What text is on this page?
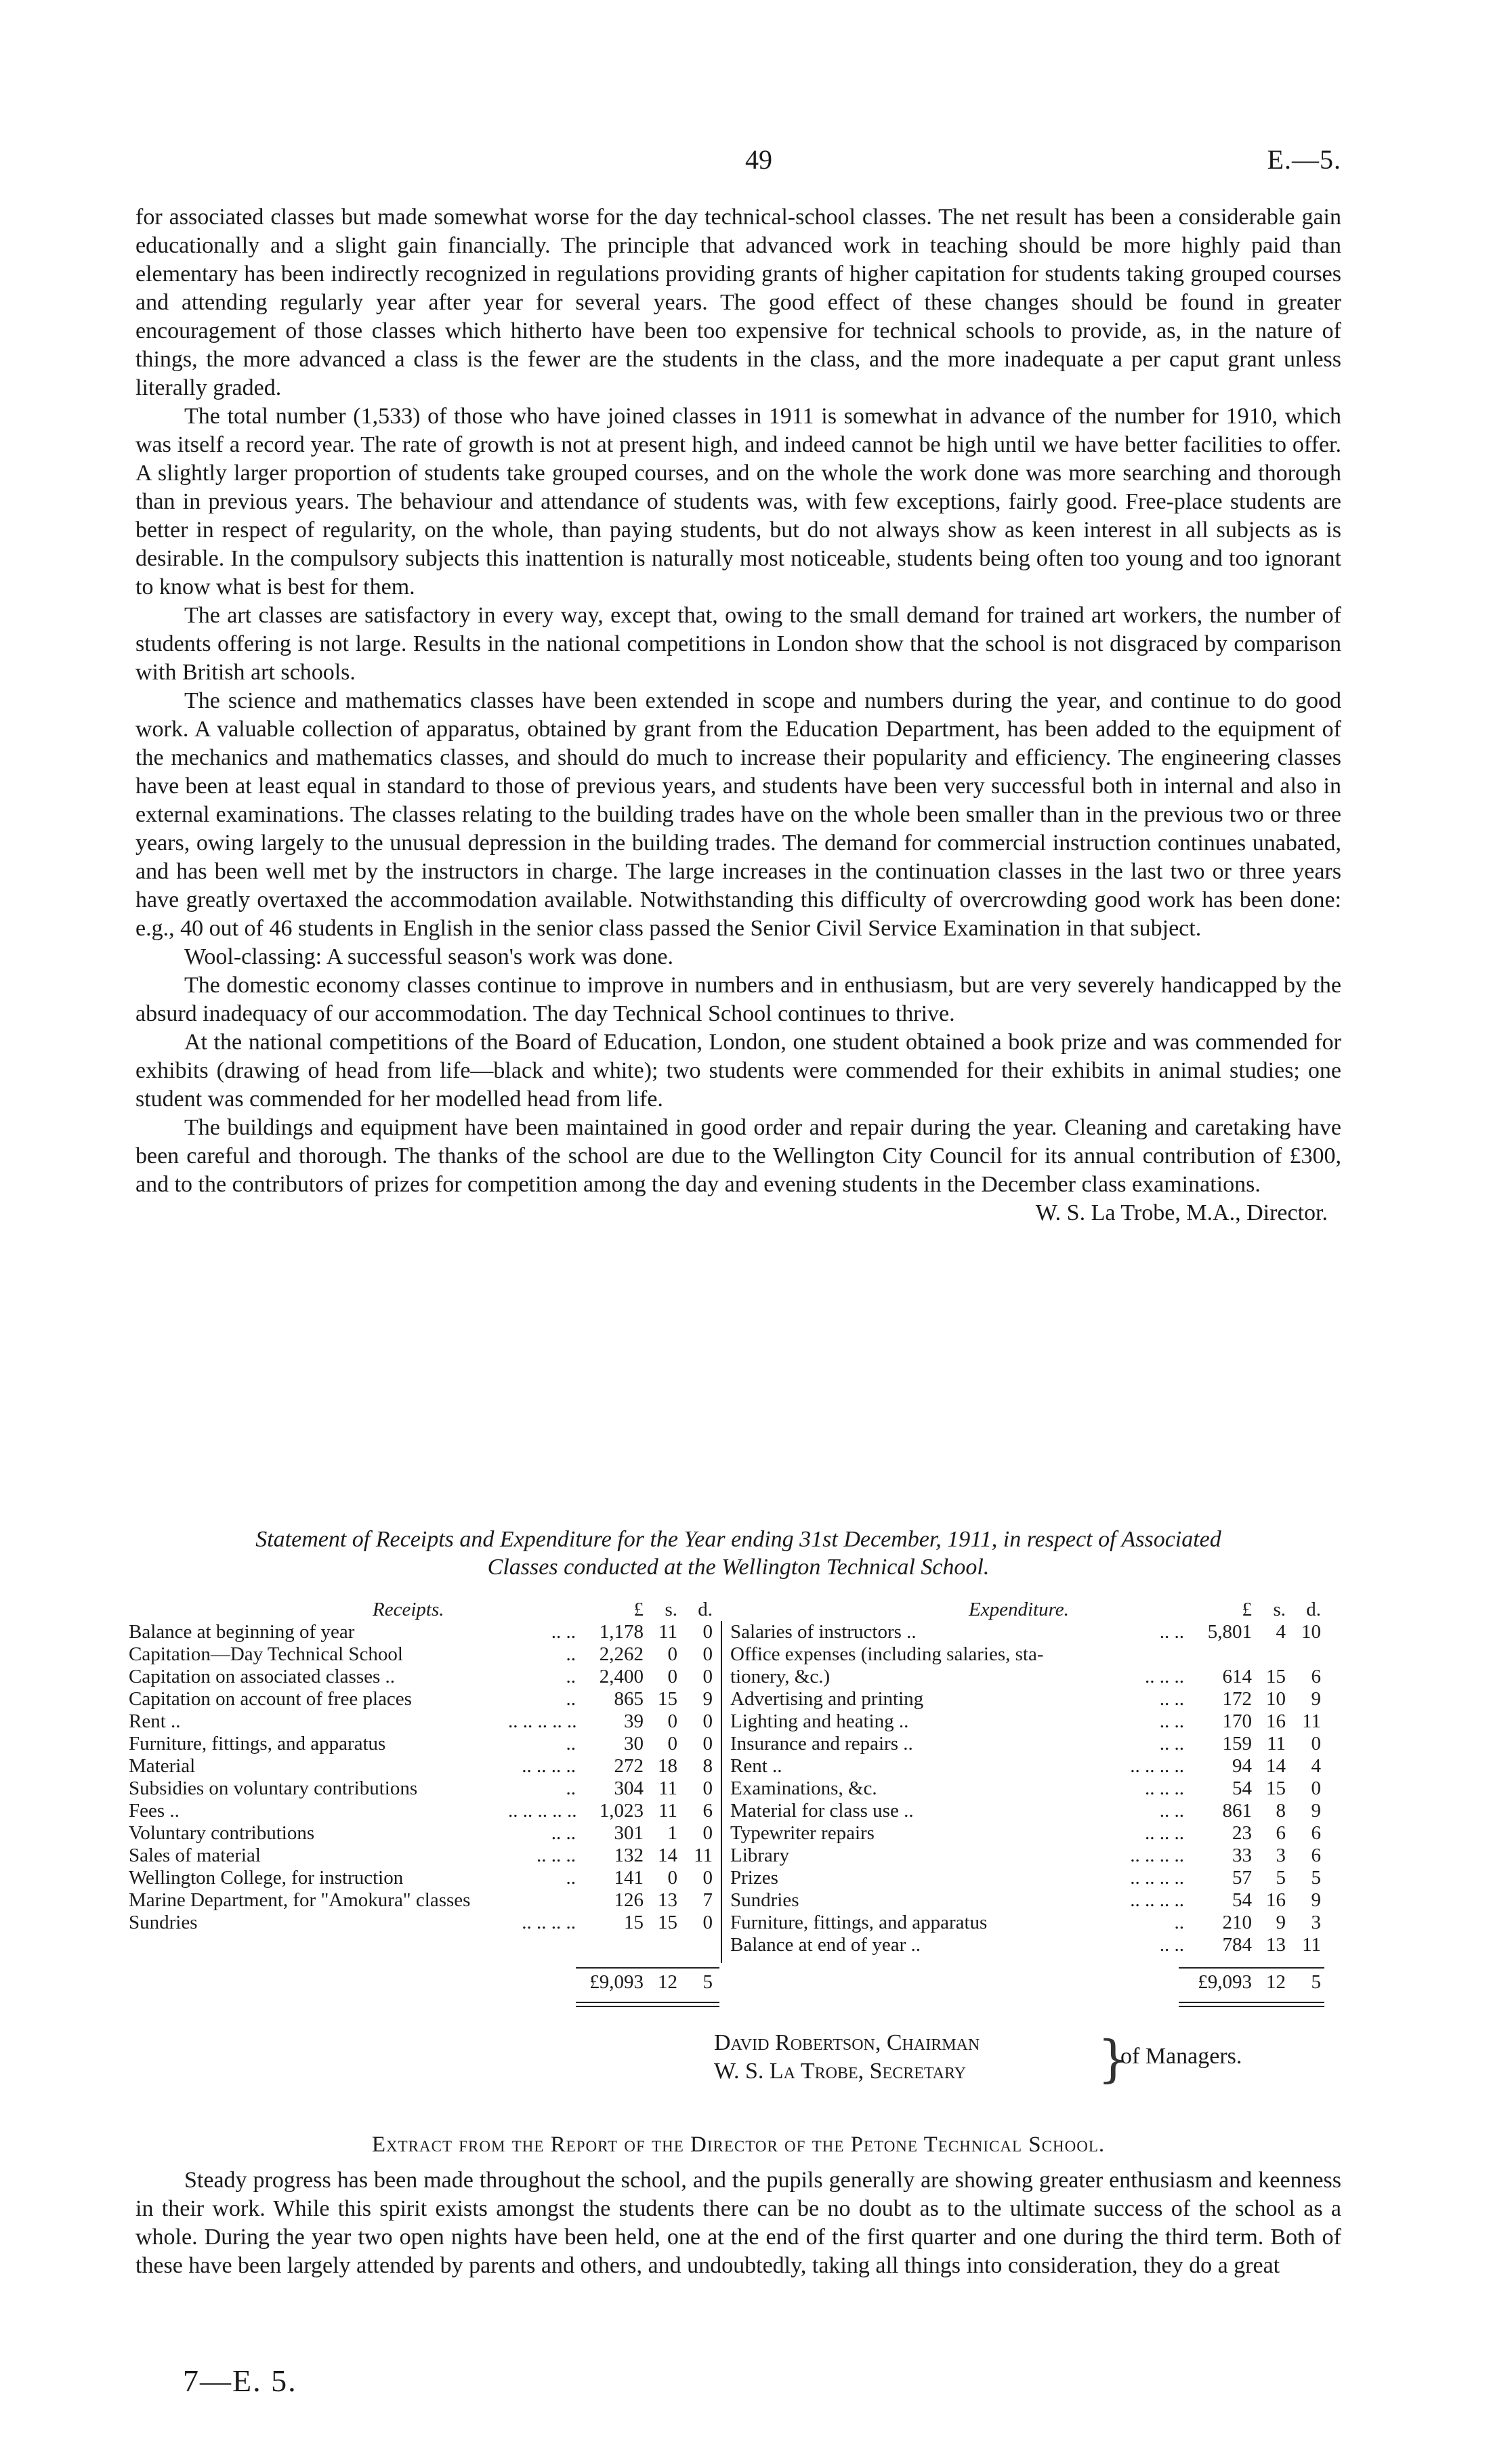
49	E.—5.

for associated classes but made somewhat worse for the day technical-school classes. The net result has been a considerable gain educationally and a slight gain financially. The principle that advanced work in teaching should be more highly paid than elementary has been indirectly recognized in regulations providing grants of higher capitation for students taking grouped courses and attending regularly year after year for several years. The good effect of these changes should be found in greater encouragement of those classes which hitherto have been too expensive for technical schools to provide, as, in the nature of things, the more advanced a class is the fewer are the students in the class, and the more inadequate a per caput grant unless literally graded.

The total number (1,533) of those who have joined classes in 1911 is somewhat in advance of the number for 1910, which was itself a record year. The rate of growth is not at present high, and indeed cannot be high until we have better facilities to offer. A slightly larger proportion of students take grouped courses, and on the whole the work done was more searching and thorough than in previous years. The behaviour and attendance of students was, with few exceptions, fairly good. Free-place students are better in respect of regularity, on the whole, than paying students, but do not always show as keen interest in all subjects as is desirable. In the compulsory subjects this inattention is naturally most noticeable, students being often too young and too ignorant to know what is best for them.

The art classes are satisfactory in every way, except that, owing to the small demand for trained art workers, the number of students offering is not large. Results in the national competitions in London show that the school is not disgraced by comparison with British art schools.

The science and mathematics classes have been extended in scope and numbers during the year, and continue to do good work. A valuable collection of apparatus, obtained by grant from the Education Department, has been added to the equipment of the mechanics and mathematics classes, and should do much to increase their popularity and efficiency. The engineering classes have been at least equal in standard to those of previous years, and students have been very successful both in internal and also in external examinations. The classes relating to the building trades have on the whole been smaller than in the previous two or three years, owing largely to the unusual depression in the building trades. The demand for commercial instruction continues unabated, and has been well met by the instructors in charge. The large increases in the continuation classes in the last two or three years have greatly overtaxed the accommodation available. Notwithstanding this difficulty of overcrowding good work has been done: e.g., 40 out of 46 students in English in the senior class passed the Senior Civil Service Examination in that subject.

Wool-classing: A successful season's work was done.

The domestic economy classes continue to improve in numbers and in enthusiasm, but are very severely handicapped by the absurd inadequacy of our accommodation. The day Technical School continues to thrive.

At the national competitions of the Board of Education, London, one student obtained a book prize and was commended for exhibits (drawing of head from life—black and white); two students were commended for their exhibits in animal studies; one student was commended for her modelled head from life.

The buildings and equipment have been maintained in good order and repair during the year. Cleaning and caretaking have been careful and thorough. The thanks of the school are due to the Wellington City Council for its annual contribution of £300, and to the contributors of prizes for competition among the day and evening students in the December class examinations.

W. S. La Trobe, M.A., Director.

Statement of Receipts and Expenditure for the Year ending 31st December, 1911, in respect of Associated
Classes conducted at the Wellington Technical School.
Receipts.	£	s.	d.
Balance at beginning of year	.. ..	1,178 11	0
Capitation—Day Technical School	..	2,262	0	0
Capitation on associated classes ..	..	2,400	0	0
Capitation on account of free places	..	865 15	9
Rent ..	.. .. .. .. ..	39	0	0
Furniture, fittings, and apparatus	..	30	0	0
Material	.. .. .. ..	272 18	8
Subsidies on voluntary contributions	..	304 11	0
Fees ..	.. .. .. .. ..	1,023 11	6
Voluntary contributions	.. ..	301	1	0
Sales of material	.. .. ..	132 14 11
Wellington College, for instruction	..	141	0	0
Marine Department, for "Amokura" classes	126 13	7
Sundries	.. .. .. ..	15 15	0
Expenditure.	£	s.	d.
Salaries of instructors ..	.. ..	5,801	4 10
Office expenses (including salaries, sta-
tionery, &c.)	.. .. ..	614 15	6
Advertising and printing	.. ..	172 10	9
Lighting and heating ..	.. ..	170 16 11
Insurance and repairs ..	.. ..	159 11	0
Rent ..	.. .. .. ..	94 14	4
Examinations, &c.	.. .. ..	54 15	0
Material for class use ..	.. ..	861	8	9
Typewriter repairs	.. .. ..	23	6	6
Library	.. .. .. ..	33	3	6
Prizes	.. .. .. ..	57	5	5
Sundries	.. .. .. ..	54 16	9
Furniture, fittings, and apparatus	..	210	9	3
Balance at end of year ..	.. ..	784 13 11
£9,093 12	5	£9,093 12	5
David Robertson, Chairman
W. S. La Trobe, Secretary	}
of Managers.
Extract from the Report of the Director of the Petone Technical School.

Steady progress has been made throughout the school, and the pupils generally are showing greater enthusiasm and keenness in their work. While this spirit exists amongst the students there can be no doubt as to the ultimate success of the school as a whole. During the year two open nights have been held, one at the end of the first quarter and one during the third term. Both of these have been largely attended by parents and others, and undoubtedly, taking all things into consideration, they do a great

7—E. 5.
